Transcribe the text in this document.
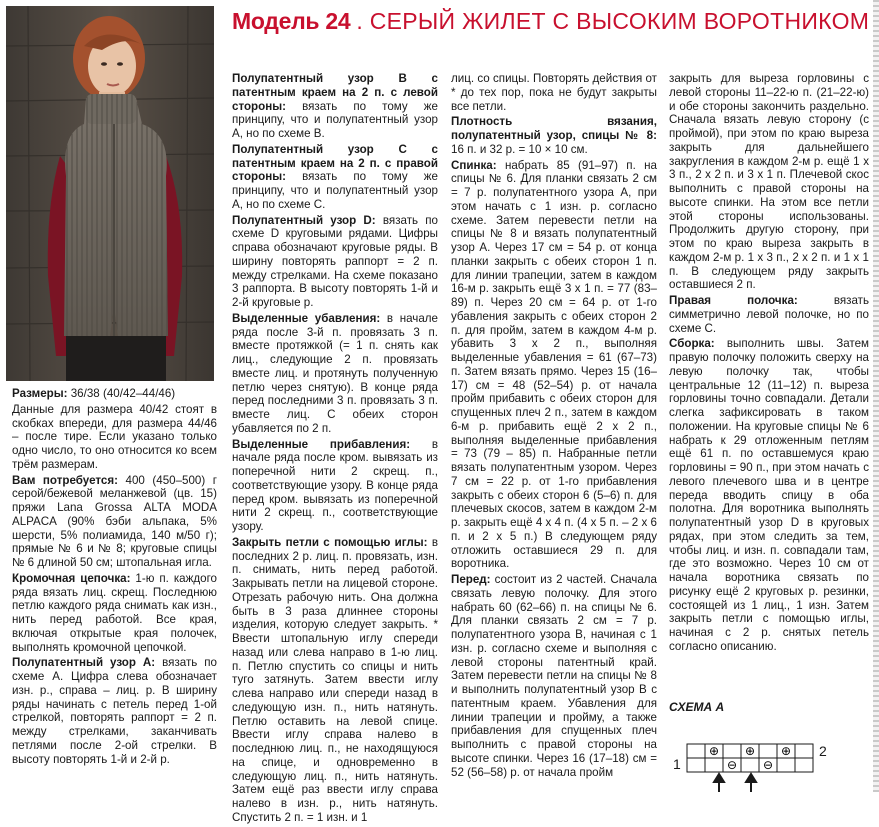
Модель 24 . СЕРЫЙ ЖИЛЕТ С ВЫСОКИМ ВОРОТНИКОМ

Размеры: 36/38 (40/42–44/46)

Данные для размера 40/42 стоят в скобках впереди, для размера 44/46 – после тире. Если указано только одно число, то оно относится ко всем трём размерам.

Вам потребуется: 400 (450–500) г серой/бежевой меланжевой (цв. 15) пряжи Lana Grossa ALTA MODA ALPACA (90% бэби альпака, 5% шерсти, 5% полиамида, 140 м/50 г); прямые № 6 и № 8; круговые спицы № 6 длиной 50 см; штопальная игла.

Кромочная цепочка: 1-ю п. каждого ряда вязать лиц. скрещ. Последнюю петлю каждого ряда снимать как изн., нить перед работой. Все края, включая открытые края полочек, выполнять кромочной цепочкой.

Полупатентный узор A: вязать по схеме A. Цифра слева обозначает изн. р., справа – лиц. р. В ширину ряды начинать с петель перед 1-ой стрелкой, повторять раппорт = 2 п. между стрелками, заканчивать петлями после 2-ой стрелки. В высоту повторять 1-й и 2-й р.

Полупатентный узор B с патентным краем на 2 п. с левой стороны: вязать по тому же принципу, что и полупатентный узор A, но по схеме B.

Полупатентный узор C с патентным краем на 2 п. с правой стороны: вязать по тому же принципу, что и полупатентный узор A, но по схеме C.

Полупатентный узор D: вязать по схеме D круговыми рядами. Цифры справа обозначают круговые ряды. В ширину повторять раппорт = 2 п. между стрелками. На схеме показано 3 раппорта. В высоту повторять 1-й и 2-й круговые р.

Выделенные убавления: в начале ряда после 3-й п. провязать 3 п. вместе протяжкой (= 1 п. снять как лиц., следующие 2 п. провязать вместе лиц. и протянуть полученную петлю через снятую). В конце ряда перед последними 3 п. провязать 3 п. вместе лиц. С обеих сторон убавляется по 2 п.

Выделенные прибавления: в начале ряда после кром. вывязать из поперечной нити 2 скрещ. п., соответствующие узору. В конце ряда перед кром. вывязать из поперечной нити 2 скрещ. п., соответствующие узору.

Закрыть петли с помощью иглы: в последних 2 р. лиц. п. провязать, изн. п. снимать, нить перед работой. Закрывать петли на лицевой стороне. Отрезать рабочую нить. Она должна быть в 3 раза длиннее стороны изделия, которую следует закрыть. * Ввести штопальную иглу спереди назад или слева направо в 1-ю лиц. п. Петлю спустить со спицы и нить туго затянуть. Затем ввести иглу слева направо или спереди назад в следующую изн. п., нить натянуть. Петлю оставить на левой спице. Ввести иглу справа налево в последнюю лиц. п., не находящуюся на спице, и одновременно в следующую лиц. п., нить натянуть. Затем ещё раз ввести иглу справа налево в изн. р., нить натянуть. Спустить 2 п. = 1 изн. и 1

лиц. со спицы. Повторять действия от * до тех пор, пока не будут закрыты все петли.

Плотность вязания, полупатентный узор, спицы № 8: 16 п. и 32 р. = 10 × 10 см.

Спинка: набрать 85 (91–97) п. на спицы № 6. Для планки связать 2 см = 7 р. полупатентного узора A, при этом начать с 1 изн. р. согласно схеме. Затем перевести петли на спицы № 8 и вязать полупатентный узор A. Через 17 см = 54 р. от конца планки закрыть с обеих сторон 1 п. для линии трапеции, затем в каждом 16-м р. закрыть ещё 3 х 1 п. = 77 (83–89) п. Через 20 см = 64 р. от 1-го убавления закрыть с обеих сторон 2 п. для пройм, затем в каждом 4-м р. убавить 3 х 2 п., выполняя выделенные убавления = 61 (67–73) п. Затем вязать прямо. Через 15 (16–17) см = 48 (52–54) р. от начала пройм прибавить с обеих сторон для спущенных плеч 2 п., затем в каждом 6-м р. прибавить ещё 2 х 2 п., выполняя выделенные прибавления = 73 (79 – 85) п. Набранные петли вязать полупатентным узором. Через 7 см = 22 р. от 1-го прибавления закрыть с обеих сторон 6 (5–6) п. для плечевых скосов, затем в каждом 2-м р. закрыть ещё 4 х 4 п. (4 х 5 п. – 2 х 6 п. и 2 х 5 п.) В следующем ряду отложить оставшиеся 29 п. для воротника.

Перед: состоит из 2 частей. Сначала связать левую полочку. Для этого набрать 60 (62–66) п. на спицы № 6. Для планки связать 2 см = 7 р. полупатентного узора B, начиная с 1 изн. р. согласно схеме и выполняя с левой стороны патентный край. Затем перевести петли на спицы № 8 и выполнить полупатентный узор B с патентным краем. Убавления для линии трапеции и пройму, а также прибавления для спущенных плеч выполнить с правой стороны на высоте спинки. Через 16 (17–18) см = 52 (56–58) р. от начала пройм

закрыть для выреза горловины с левой стороны 11–22-ю п. (21–22-ю) и обе стороны закончить раздельно. Сначала вязать левую сторону (с проймой), при этом по краю выреза закрыть для дальнейшего закругления в каждом 2-м р. ещё 1 х 3 п., 2 х 2 п. и 3 х 1 п. Плечевой скос выполнить с правой стороны на высоте спинки. На этом все петли этой стороны использованы. Продолжить другую сторону, при этом по краю выреза закрыть в каждом 2-м р. 1 х 3 п., 2 х 2 п. и 1 х 1 п. В следующем ряду закрыть оставшиеся 2 п.

Правая полочка: вязать симметрично левой полочке, но по схеме C.

Сборка: выполнить швы. Затем правую полочку положить сверху на левую полочку так, чтобы центральные 12 (11–12) п. выреза горловины точно совпадали. Детали слегка зафиксировать в таком положении. На круговые спицы № 6 набрать к 29 отложенным петлям ещё 61 п. по оставшемуся краю горловины = 90 п., при этом начать с левого плечевого шва и в центре переда вводить спицу в оба полотна. Для воротника выполнять полупатентный узор D в круговых рядах, при этом следить за тем, чтобы лиц. и изн. п. совпадали там, где это возможно. Через 10 см от начала воротника связать по рисунку ещё 2 круговых р. резинки, состоящей из 1 лиц., 1 изн. Затем закрыть петли с помощью иглы, начиная с 2 р. снятых петель согласно описанию.

СХЕМА А
1
2
⊕ ⊕ ⊕
⊖ ⊖
